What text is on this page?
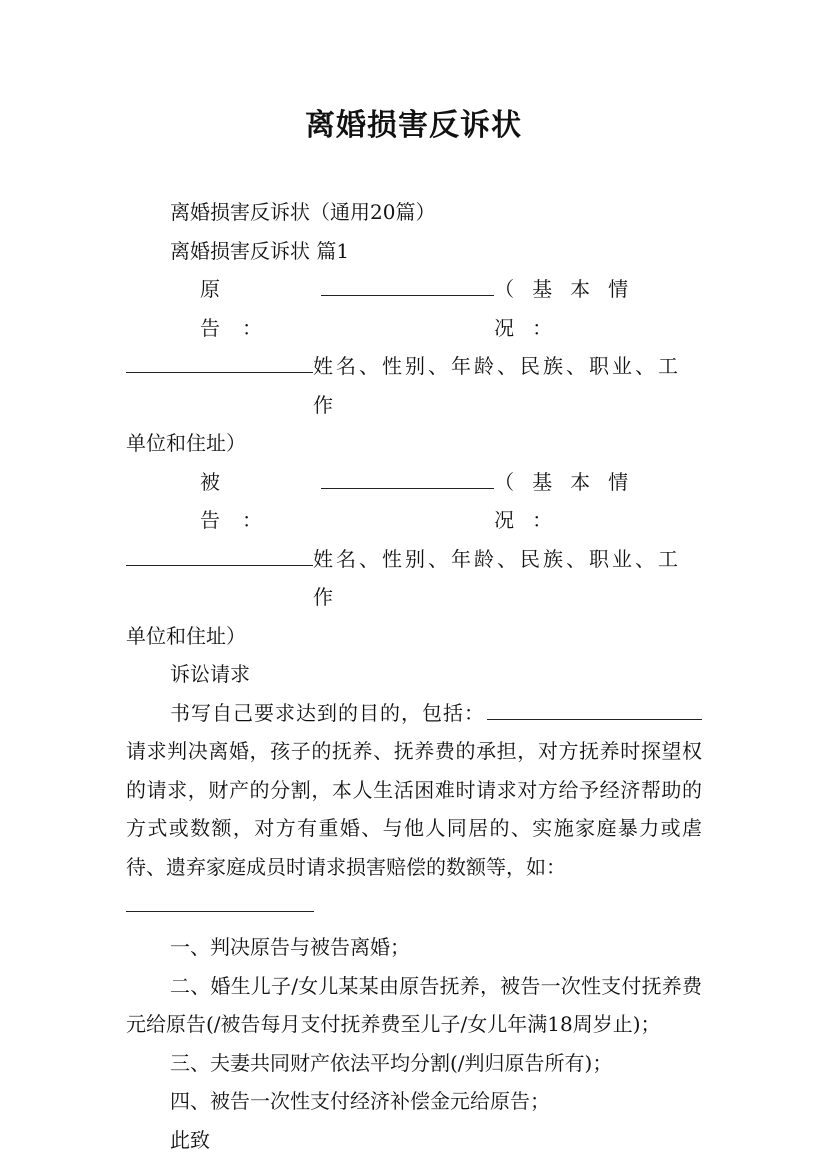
离婚损害反诉状

离婚损害反诉状（通用20篇）

离婚损害反诉状 篇1

原告：
（基本情况：
姓名、性别、年龄、民族、职业、工作
单位和住址）
被告：
（基本情况：
姓名、性别、年龄、民族、职业、工作
单位和住址）

诉讼请求

书写自己要求达到的目的，包括：

请求判决离婚，孩子的抚养、抚养费的承担，对方抚养时探望权的请求，财产的分割，本人生活困难时请求对方给予经济帮助的方式或数额，对方有重婚、与他人同居的、实施家庭暴力或虐待、遗弃家庭成员时请求损害赔偿的数额等，如：

一、判决原告与被告离婚；

二、婚生儿子/女儿某某由原告抚养，被告一次性支付抚养费元给原告(/被告每月支付抚养费至儿子/女儿年满18周岁止)；

三、夫妻共同财产依法平均分割(/判归原告所有)；

四、被告一次性支付经济补偿金元给原告；

此致
